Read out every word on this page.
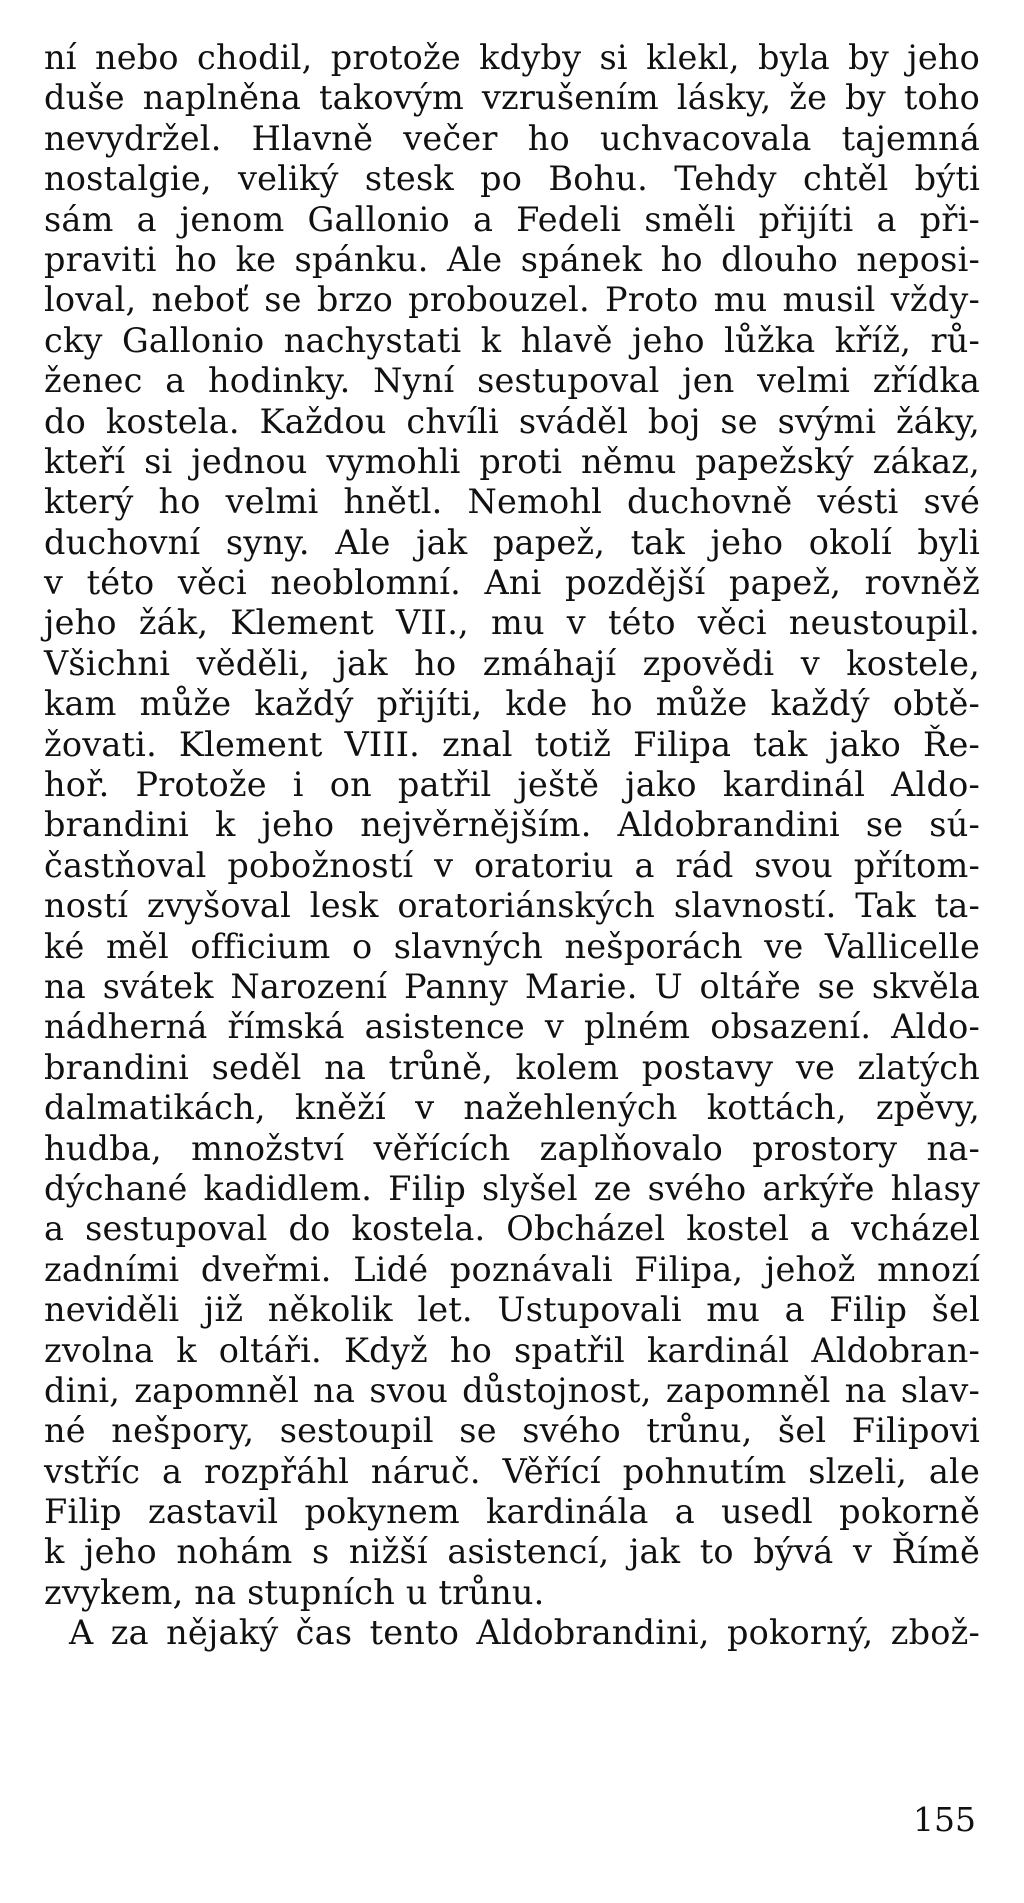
ní nebo chodil, protože kdyby si klekl, byla by jeho
duše naplněna takovým vzrušením lásky, že by toho
nevydržel. Hlavně večer ho uchvacovala tajemná
nostalgie, veliký stesk po Bohu. Tehdy chtěl býti
sám a jenom Gallonio a Fedeli směli přijíti a při-
praviti ho ke spánku. Ale spánek ho dlouho neposi-
loval, neboť se brzo probouzel. Proto mu musil vždy-
cky Gallonio nachystati k hlavě jeho lůžka kříž, rů-
ženec a hodinky. Nyní sestupoval jen velmi zřídka
do kostela. Každou chvíli sváděl boj se svými žáky,
kteří si jednou vymohli proti němu papežský zákaz,
který ho velmi hnětl. Nemohl duchovně vésti své
duchovní syny. Ale jak papež, tak jeho okolí byli
v této věci neoblomní. Ani pozdější papež, rovněž
jeho žák, Klement VII., mu v této věci neustoupil.
Všichni věděli, jak ho zmáhají zpovědi v kostele,
kam může každý přijíti, kde ho může každý obtě-
žovati. Klement VIII. znal totiž Filipa tak jako Ře-
hoř. Protože i on patřil ještě jako kardinál Aldo-
brandini k jeho nejvěrnějším. Aldobrandini se sú-
častňoval pobožností v oratoriu a rád svou přítom-
ností zvyšoval lesk oratoriánských slavností. Tak ta-
ké měl officium o slavných nešporách ve Vallicelle
na svátek Narození Panny Marie. U oltáře se skvěla
nádherná římská asistence v plném obsazení. Aldo-
brandini seděl na trůně, kolem postavy ve zlatých
dalmatikách, kněží v nažehlených kottách, zpěvy,
hudba, množství věřících zaplňovalo prostory na-
dýchané kadidlem. Filip slyšel ze svého arkýře hlasy
a sestupoval do kostela. Obcházel kostel a vcházel
zadními dveřmi. Lidé poznávali Filipa, jehož mnozí
neviděli již několik let. Ustupovali mu a Filip šel
zvolna k oltáři. Když ho spatřil kardinál Aldobran-
dini, zapomněl na svou důstojnost, zapomněl na slav-
né nešpory, sestoupil se svého trůnu, šel Filipovi
vstříc a rozpřáhl náruč. Věřící pohnutím slzeli, ale
Filip zastavil pokynem kardinála a usedl pokorně
k jeho nohám s nižší asistencí, jak to bývá v Římě
zvykem, na stupních u trůnu.
A za nějaký čas tento Aldobrandini, pokorný, zbož-
155
